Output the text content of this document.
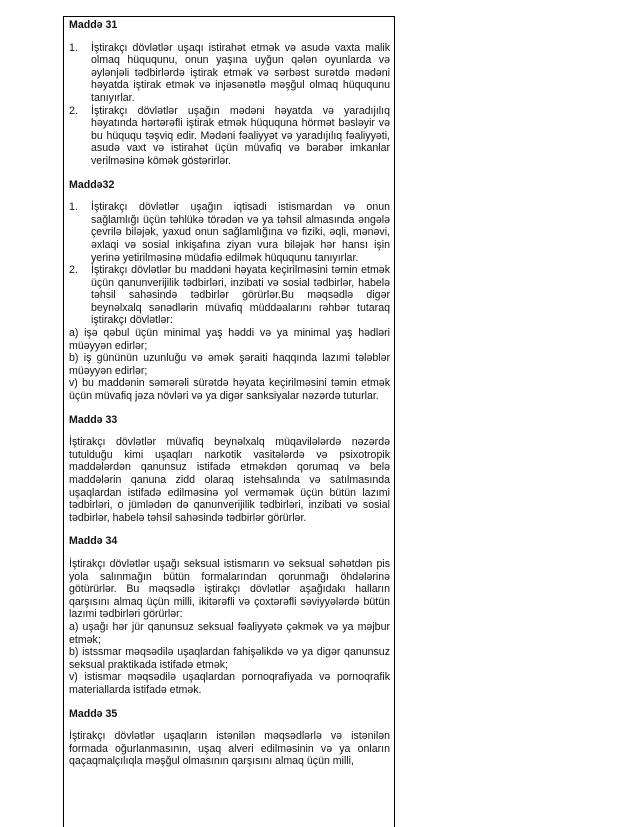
Maddə 31

1. İştirakçı dövlətlər uşaqı istirahət etmək və asudə vaxta malik olmaq hüququnu, onun yaşına uyğun qələn oyunlarda və əylənjəli tədbirlərdə iştirak etmək və sərbəst surətdə mədəni həyatda iştirak etmək və injəsənətlə məşğul olmaq hüququnu tanıyırlar.
2. İştirakçı dövlətlər uşağın mədəni həyatda və yaradıjılıq həyatında hərtərəfli iştirak etmək hüququna hörmət bəsləyir və bu hüququ təşviq edir. Mədəni fəaliyyət və yaradıjılıq fəaliyyəti, asudə vaxt və istirahət üçün müvafiq və bərabər imkanlar verilməsinə kömək göstərirlər.

Maddə32

1. İştirakçı dövlətlər uşağın iqtisadi istismardan və onun sağlamlığı üçün təhlükə törədən və ya təhsil almasında əngələ çevrilə biləjək, yaxud onun sağlamlığına və fiziki, əqli, mənəvi, əxlaqi və sosial inkişafına ziyan vura biləjək hər hansı işin yerinə yetirilməsinə müdafiə edilmək hüququnu tanıyırlar.
2. İştirakçı dövlətlər bu maddəni həyata keçirilməsini təmin etmək üçün qanunverijilik tədbirləri, inzibati və sosial tədbirlər, habelə təhsil sahəsində tədbirlər görürlər.Bu məqsədlə digər beynəlxalq sənədlərin müvafiq müddəalarını rəhbər tutaraq iştirakçı dövlətlər:

a) işə qəbul üçün minimal yaş həddi və ya minimal yaş hədləri müəyyən edirlər;

b) iş gününün uzunluğu və əmək şəraiti haqqında lazımi tələblər müəyyən edirlər;

v) bu maddənin səmərəli sürətdə həyata keçirilməsini təmin etmək üçün müvafiq jəza növləri və ya digər sanksiyalar nəzərdə tuturlar.

Maddə 33

İştirakçı dövlətlər müvafiq beynəlxalq müqavilələrdə nəzərdə tutulduğu kimi uşaqları narkotik vasitələrdə və psixotropik maddələrdən qanunsuz istifadə etməkdən qorumaq və belə maddələrin qanuna zidd olaraq istehsalında və satılmasında uşaqlardan istifadə edilməsinə yol verməmək üçün bütün lazımi tədbirləri, o jümlədən də qanunverijilik tədbirləri, inzibati və sosial tədbirlər, habelə təhsil sahəsində tədbirlər görürlər.

Maddə 34

İştirakçı dövlətlər uşağı seksual istismarın və seksual səhətdən pis yola salınmağın bütün formalarından qorunmağı öhdələrinə götürürlər. Bu məqsədlə iştirakçı dövlətlər aşağıdakı halların qarşısını almaq üçün milli, ikitərəfli və çoxtərəfli səviyyələrdə bütün lazımi tədbirləri görürlər:

a) uşağı hər jür qanunsuz seksual fəaliyyətə çəkmək və ya məjbur etmək;

b) istssmar məqsədilə uşaqlardan fahişəlikdə və ya digər qanunsuz seksual praktikada istifadə etmək;

v) istismar məqsədilə uşaqlardan pornoqrafiyada və pornoqrafik materiallarda istifadə etmək.

Maddə 35

İştirakçı dövlətlər uşaqların istənilən məqsədlərlə və istənilən formada oğurlanmasının, uşaq alveri edilməsinin və ya onların qaçaqmalçılıqla məşğul olmasının qarşısını almaq üçün milli,
